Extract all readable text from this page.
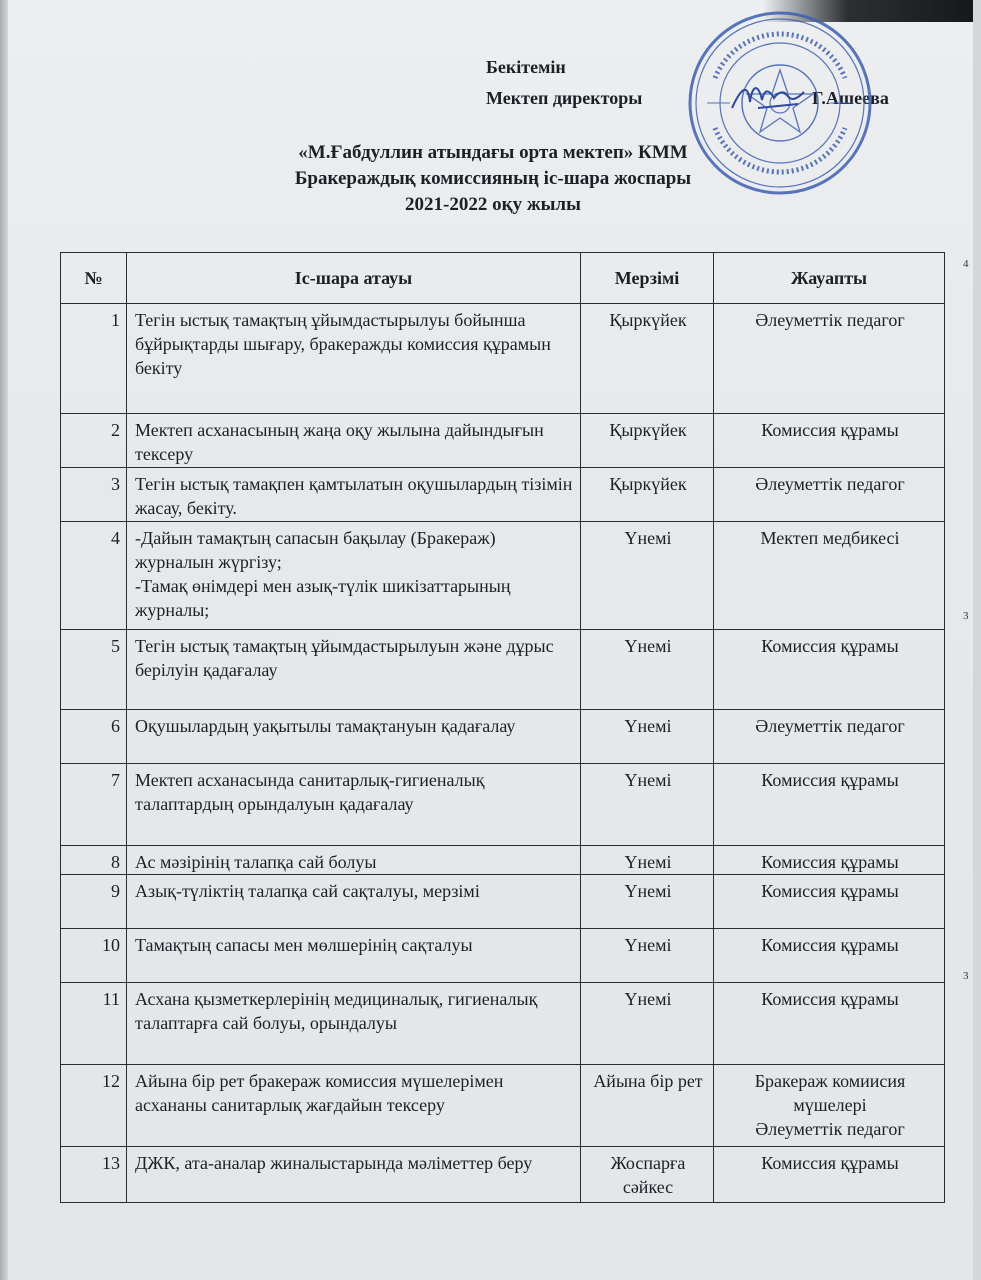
Бекітемін
Мектеп директоры	Г.Ашеева
«М.Ғабдуллин атындағы орта мектеп» КММ
Бракераждық комиссияның іс-шара жоспары
2021-2022 оқу жылы
№	Іс-шара атауы	Мерзімі	Жауапты
1	Тегін ыстық тамақтың ұйымдастырылуы бойынша бұйрықтарды шығару, бракеражды комиссия құрамын бекіту	Қыркүйек	Әлеуметтік педагог
2	Мектеп асханасының жаңа оқу жылына дайындығын тексеру	Қыркүйек	Комиссия құрамы
3	Тегін ыстық тамақпен қамтылатын оқушылардың тізімін жасау, бекіту.	Қыркүйек	Әлеуметтік педагог
4	-Дайын тамақтың сапасын бақылау (Бракераж) журналын жүргізу;
-Тамақ өнімдері мен азық-түлік шикізаттарының журналы;	Үнемі	Мектеп медбикесі
5	Тегін ыстық тамақтың ұйымдастырылуын және дұрыс берілуін қадағалау	Үнемі	Комиссия құрамы
6	Оқушылардың уақытылы тамақтануын қадағалау	Үнемі	Әлеуметтік педагог
7	Мектеп асханасында санитарлық-гигиеналық талаптардың орындалуын қадағалау	Үнемі	Комиссия құрамы
8	Ас мәзірінің талапқа сай болуы	Үнемі	Комиссия құрамы
9	Азық-түліктің талапқа сай сақталуы, мерзімі	Үнемі	Комиссия құрамы
10	Тамақтың сапасы мен мөлшерінің сақталуы	Үнемі	Комиссия құрамы
11	Асхана қызметкерлерінің медициналық, гигиеналық талаптарға сай болуы, орындалуы	Үнемі	Комиссия құрамы
12	Айына бір рет бракераж комиссия мүшелерімен асхананы санитарлық жағдайын тексеру	Айына бір рет	Бракераж комиисия мүшелері
Әлеуметтік педагог
13	ДЖК, ата-аналар жиналыстарында мәліметтер беру	Жоспарға сәйкес	Комиссия құрамы
4
3
3
